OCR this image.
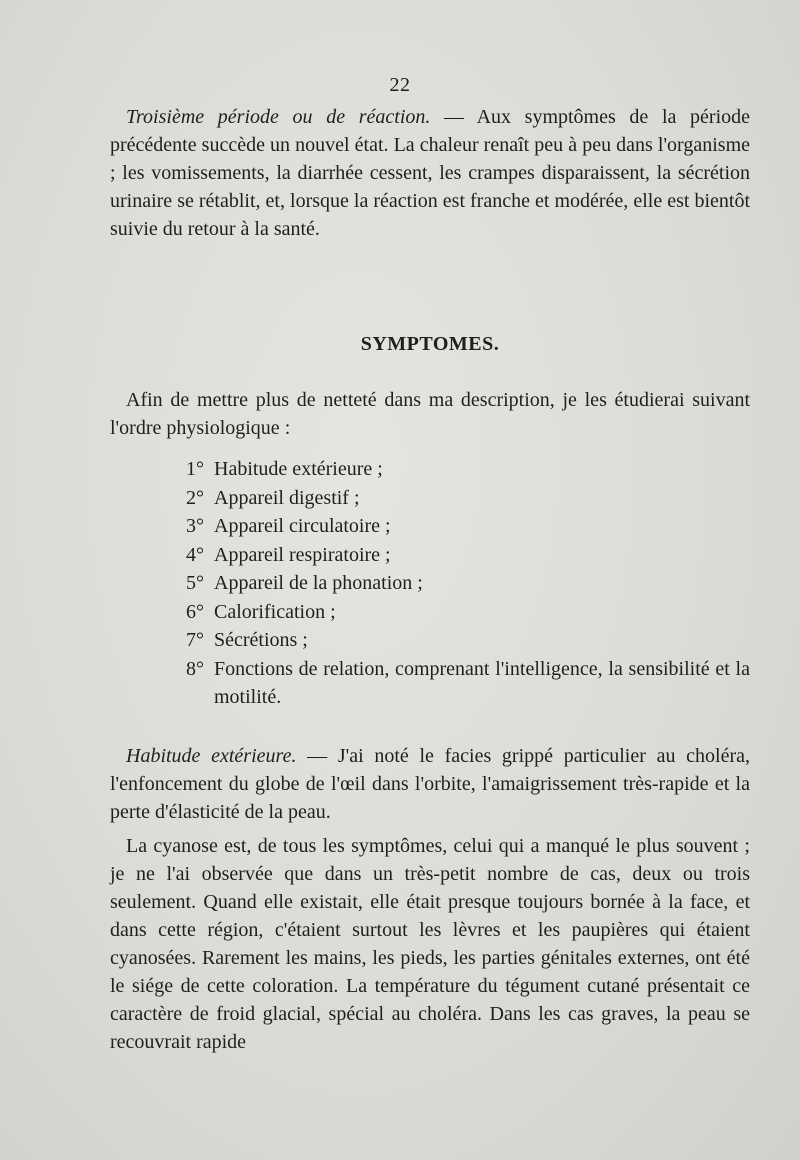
22

Troisième période ou de réaction. — Aux symptômes de la période précédente succède un nouvel état. La chaleur renaît peu à peu dans l'organisme ; les vomissements, la diarrhée cessent, les crampes disparaissent, la sécrétion urinaire se rétablit, et, lorsque la réaction est franche et modérée, elle est bientôt suivie du retour à la santé.

SYMPTOMES.

Afin de mettre plus de netteté dans ma description, je les étudierai suivant l'ordre physiologique :

1° Habitude extérieure ;
2° Appareil digestif ;
3° Appareil circulatoire ;
4° Appareil respiratoire ;
5° Appareil de la phonation ;
6° Calorification ;
7° Sécrétions ;
8° Fonctions de relation, comprenant l'intelligence, la sensibilité et la motilité.

Habitude extérieure. — J'ai noté le facies grippé particulier au choléra, l'enfoncement du globe de l'œil dans l'orbite, l'amaigrissement très-rapide et la perte d'élasticité de la peau.

La cyanose est, de tous les symptômes, celui qui a manqué le plus souvent ; je ne l'ai observée que dans un très-petit nombre de cas, deux ou trois seulement. Quand elle existait, elle était presque toujours bornée à la face, et dans cette région, c'étaient surtout les lèvres et les paupières qui étaient cyanosées. Rarement les mains, les pieds, les parties génitales externes, ont été le siége de cette coloration. La température du tégument cutané présentait ce caractère de froid glacial, spécial au choléra. Dans les cas graves, la peau se recouvrait rapide
